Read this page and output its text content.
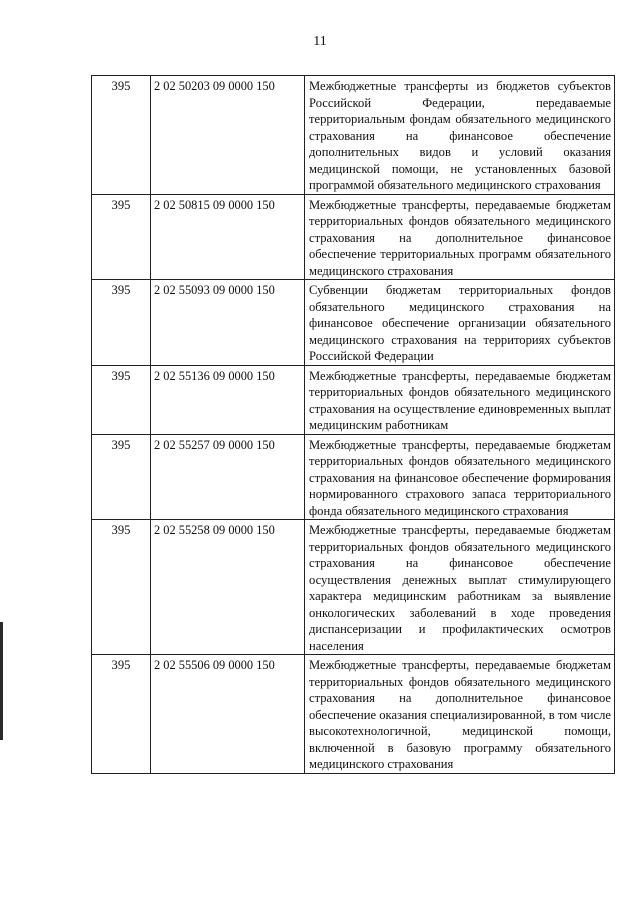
11
395	2 02 50203 09 0000 150	Межбюджетные трансферты из бюджетов субъектов Российской Федерации, передаваемые территориальным фондам обязательного медицинского страхования на финансовое обеспечение дополнительных видов и условий оказания медицинской помощи, не установленных базовой программой обязательного медицинского страхования
395	2 02 50815 09 0000 150	Межбюджетные трансферты, передаваемые бюджетам территориальных фондов обязательного медицинского страхования на дополнительное финансовое обеспечение территориальных программ обязательного медицинского страхования
395	2 02 55093 09 0000 150	Субвенции бюджетам территориальных фондов обязательного медицинского страхования на финансовое обеспечение организации обязательного медицинского страхования на территориях субъектов Российской Федерации
395	2 02 55136 09 0000 150	Межбюджетные трансферты, передаваемые бюджетам территориальных фондов обязательного медицинского страхования на осуществление единовременных выплат медицинским работникам
395	2 02 55257 09 0000 150	Межбюджетные трансферты, передаваемые бюджетам территориальных фондов обязательного медицинского страхования на финансовое обеспечение формирования нормированного страхового запаса территориального фонда обязательного медицинского страхования
395	2 02 55258 09 0000 150	Межбюджетные трансферты, передаваемые бюджетам территориальных фондов обязательного медицинского страхования на финансовое обеспечение осуществления денежных выплат стимулирующего характера медицинским работникам за выявление онкологических заболеваний в ходе проведения диспансеризации и профилактических осмотров населения
395	2 02 55506 09 0000 150	Межбюджетные трансферты, передаваемые бюджетам территориальных фондов обязательного медицинского страхования на дополнительное финансовое обеспечение оказания специализированной, в том числе высокотехнологичной, медицинской помощи, включенной в базовую программу обязательного медицинского страхования
